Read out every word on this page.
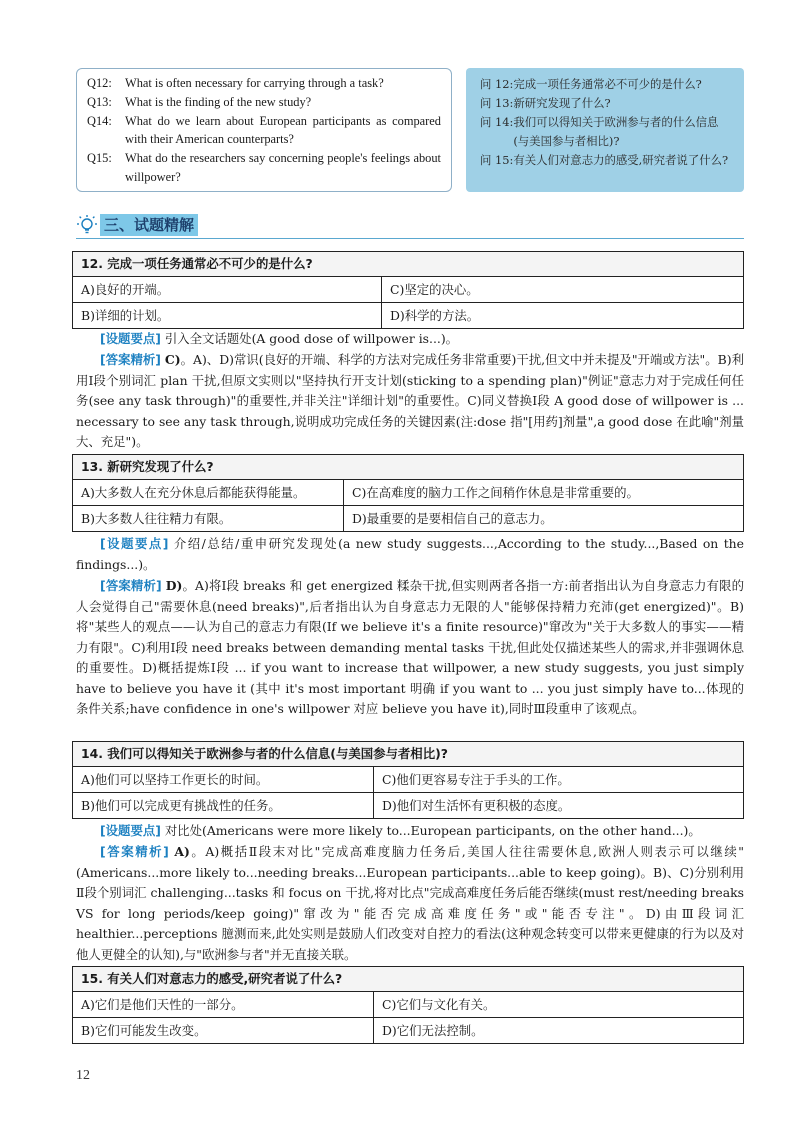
Q12:	What is often necessary for carrying through a task?
Q13:	What is the finding of the new study?
Q14:	What do we learn about European participants as compared with their American counterparts?
Q15:	What do the researchers say concerning people's feelings about willpower?
问 12: 完成一项任务通常必不可少的是什么?
问 13: 新研究发现了什么?
问 14: 我们可以得知关于欧洲参与者的什么信息(与美国参与者相比)?
问 15: 有关人们对意志力的感受,研究者说了什么?
三、试题精解
12. 完成一项任务通常必不可少的是什么?
A)良好的开端。	C)坚定的决心。
B)详细的计划。	D)科学的方法。
[设题要点] 引入全文话题处(A good dose of willpower is...)。
[答案精析] C)。A)、D)常识(良好的开端、科学的方法对完成任务非常重要)干扰,但文中并未提及"开端或方法"。B)利用Ⅰ段个别词汇 plan 干扰,但原文实则以"坚持执行开支计划(sticking to a spending plan)"例证"意志力对于完成任何任务(see any task through)"的重要性,并非关注"详细计划"的重要性。C)同义替换Ⅰ段 A good dose of willpower is ... necessary to see any task through,说明成功完成任务的关键因素(注:dose 指"[用药]剂量",a good dose 在此喻"剂量大、充足")。
13. 新研究发现了什么?
A)大多数人在充分休息后都能获得能量。	C)在高难度的脑力工作之间稍作休息是非常重要的。
B)大多数人往往精力有限。	D)最重要的是要相信自己的意志力。
[设题要点] 介绍/总结/重申研究发现处(a new study suggests...,According to the study...,Based on the findings...)。
[答案精析] D)。A)将Ⅰ段 breaks 和 get energized 糅杂干扰,但实则两者各指一方:前者指出认为自身意志力有限的人会觉得自己"需要休息(need breaks)",后者指出认为自身意志力无限的人"能够保持精力充沛(get energized)"。B)将"某些人的观点——认为自己的意志力有限(If we believe it's a finite resource)"窜改为"关于大多数人的事实——精力有限"。C)利用Ⅰ段 need breaks between demanding mental tasks 干扰,但此处仅描述某些人的需求,并非强调休息的重要性。D)概括提炼Ⅰ段 ... if you want to increase that willpower, a new study suggests, you just simply have to believe you have it (其中 it's most important 明确 if you want to ... you just simply have to...体现的条件关系;have confidence in one's willpower 对应 believe you have it),同时Ⅲ段重申了该观点。
14. 我们可以得知关于欧洲参与者的什么信息(与美国参与者相比)?
A)他们可以坚持工作更长的时间。	C)他们更容易专注于手头的工作。
B)他们可以完成更有挑战性的任务。	D)他们对生活怀有更积极的态度。
[设题要点] 对比处(Americans were more likely to...European participants, on the other hand...)。
[答案精析] A)。A)概括Ⅱ段末对比"完成高难度脑力任务后,美国人往往需要休息,欧洲人则表示可以继续"(Americans...more likely to...needing breaks...European participants...able to keep going)。B)、C)分别利用Ⅱ段个别词汇 challenging...tasks 和 focus on 干扰,将对比点"完成高难度任务后能否继续(must rest/needing breaks VS for long periods/keep going)"窜改为"能否完成高难度任务"或"能否专注"。D)由Ⅲ段词汇 healthier...perceptions 臆测而来,此处实则是鼓励人们改变对自控力的看法(这种观念转变可以带来更健康的行为以及对他人更健全的认知),与"欧洲参与者"并无直接关联。
15. 有关人们对意志力的感受,研究者说了什么?
A)它们是他们天性的一部分。	C)它们与文化有关。
B)它们可能发生改变。	D)它们无法控制。
12
